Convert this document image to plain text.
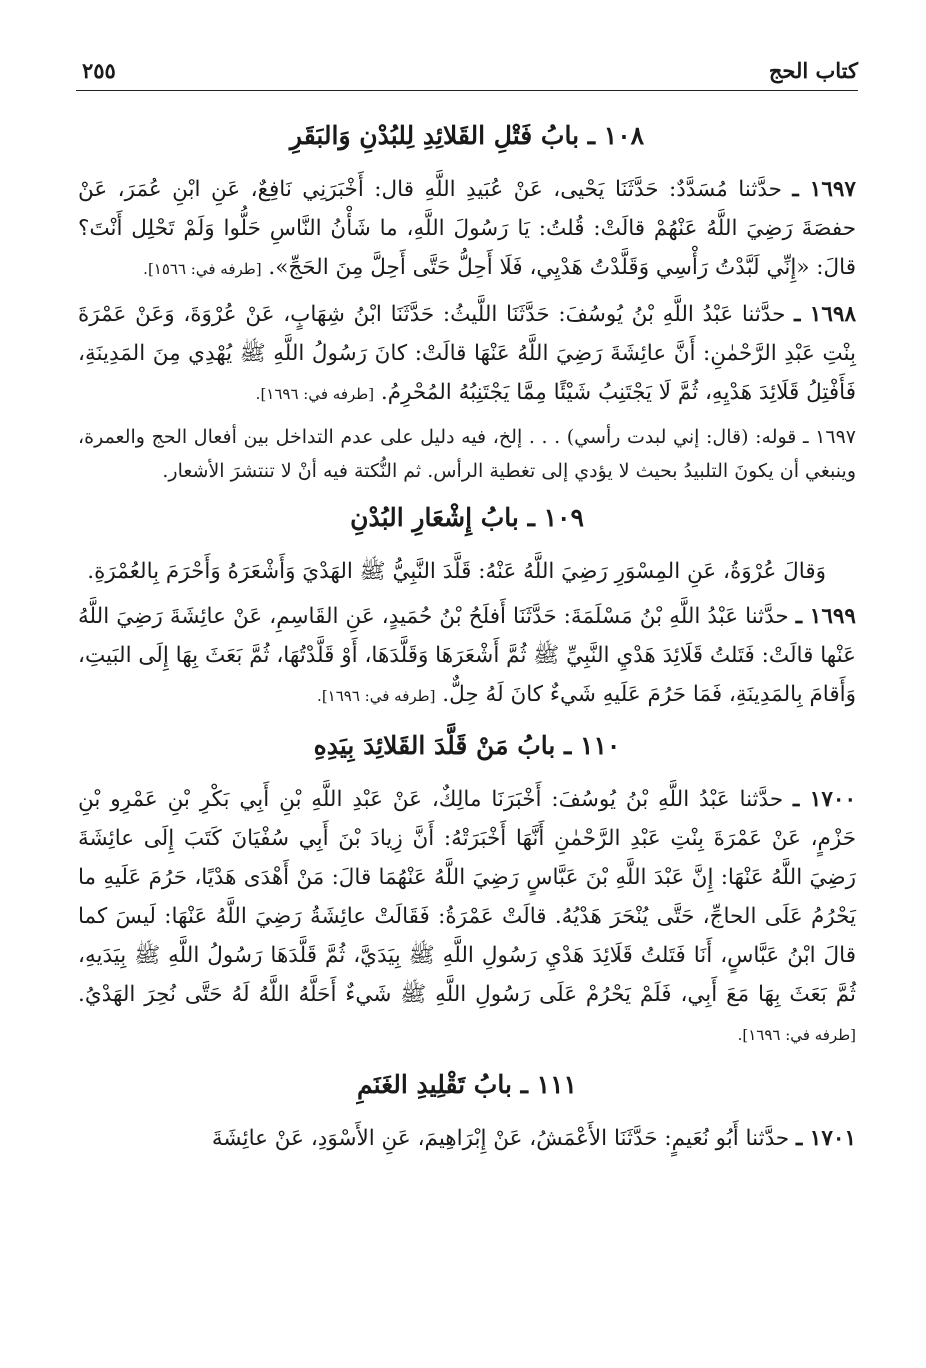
كتاب الحج
٢٥٥
١٠٨ ـ بابُ فَتْلِ القَلائِدِ لِلبُدْنِ وَالبَقَرِ

١٦٩٧ ـ حدَّثنا مُسَدَّدٌ: حَدَّثَنَا يَحْيى، عَنْ عُبَيدِ اللَّهِ قال: أَخْبَرَنِي نَافِعٌ، عَنِ ابْنِ عُمَرَ، عَنْ حفصَةَ رَضِيَ اللَّهُ عَنْهُمْ قالَتْ: قُلتُ: يَا رَسُولَ اللَّهِ، ما شَأْنُ النَّاسِ حَلُّوا وَلَمْ تَحْلِل أَنْتَ؟ قالَ: «إِنِّي لَبَّدْتُ رَأْسِي وَقَلَّدْتُ هَدْيِي، فَلَا أَحِلُّ حَتَّى أَحِلَّ مِنَ الحَجِّ». [طرفه في: ١٥٦٦].

١٦٩٨ ـ حدَّثنا عَبْدُ اللَّهِ بْنُ يُوسُفَ: حَدَّثَنَا اللَّيثُ: حَدَّثَنَا ابْنُ شِهَابٍ، عَنْ عُرْوَةَ، وَعَنْ عَمْرَةَ بِنْتِ عَبْدِ الرَّحْمٰنِ: أَنَّ عائِشَةَ رَضِيَ اللَّهُ عَنْهَا قالَتْ: كانَ رَسُولُ اللَّهِ ﷺ يُهْدِي مِنَ المَدِينَةِ، فَأَفْتِلُ قَلَائِدَ هَدْيِهِ، ثُمَّ لَا يَجْتَنِبُ شَيْئًا مِمَّا يَجْتَنِبُهُ المُحْرِمُ. [طرفه في: ١٦٩٦].

١٦٩٧ ـ قوله: (قال: إني لبدت رأسي) . . . إلخ، فيه دليل على عدم التداخل بين أفعال الحج والعمرة، وينبغي أن يكونَ التلبيدُ بحيث لا يؤدي إلى تغطية الرأس. ثم النُّكتة فيه أنْ لا تنتشرَ الأشعار.

١٠٩ ـ بابُ إِشْعَارِ البُدْنِ

وَقالَ عُرْوَةُ، عَنِ المِسْوَرِ رَضِيَ اللَّهُ عَنْهُ: قَلَّدَ النَّبِيُّ ﷺ الهَدْيَ وَأَشْعَرَهُ وَأَحْرَمَ بِالعُمْرَةِ.

١٦٩٩ ـ حدَّثنا عَبْدُ اللَّهِ بْنُ مَسْلَمَةَ: حَدَّثَنَا أَفلَحُ بْنُ حُمَيدٍ، عَنِ القَاسِمِ، عَنْ عائِشَةَ رَضِيَ اللَّهُ عَنْها قالَتْ: فَتَلتُ قَلَائِدَ هَدْيِ النَّبِيِّ ﷺ ثُمَّ أَشْعَرَهَا وَقَلَّدَهَا، أَوْ قَلَّدْتُهَا، ثُمَّ بَعَثَ بِهَا إِلَى البَيتِ، وَأَقامَ بِالمَدِينَةِ، فَمَا حَرُمَ عَلَيهِ شَيءٌ كانَ لَهُ حِلٌّ. [طرفه في: ١٦٩٦].

١١٠ ـ بابُ مَنْ قَلَّدَ القَلائِدَ بِيَدِهِ

١٧٠٠ ـ حدَّثنا عَبْدُ اللَّهِ بْنُ يُوسُفَ: أَخْبَرَنَا مالِكٌ، عَنْ عَبْدِ اللَّهِ بْنِ أَبِي بَكْرِ بْنِ عَمْرِو بْنِ حَزْمٍ، عَنْ عَمْرَةَ بِنْتِ عَبْدِ الرَّحْمٰنِ أَنَّهَا أَخْبَرَتْهُ: أَنَّ زِيادَ بْنَ أَبِي سُفْيَانَ كَتَبَ إِلَى عائِشَةَ رَضِيَ اللَّهُ عَنْهَا: إِنَّ عَبْدَ اللَّهِ بْنَ عَبَّاسٍ رَضِيَ اللَّهُ عَنْهُمَا قالَ: مَنْ أَهْدَى هَدْيًا، حَرُمَ عَلَيهِ ما يَحْرُمُ عَلَى الحاجِّ، حَتَّى يُنْحَرَ هَدْيُهُ. قالَتْ عَمْرَةُ: فَقَالَتْ عائِشَةُ رَضِيَ اللَّهُ عَنْهَا: لَيسَ كما قالَ ابْنُ عَبَّاسٍ، أَنَا فَتَلتُ قَلَائِدَ هَدْيِ رَسُولِ اللَّهِ ﷺ بِيَدَيَّ، ثُمَّ قَلَّدَهَا رَسُولُ اللَّهِ ﷺ بِيَدَيهِ، ثُمَّ بَعَثَ بِهَا مَعَ أَبِي، فَلَمْ يَحْرُمْ عَلَى رَسُولِ اللَّهِ ﷺ شَيءٌ أَحَلَّهُ اللَّهُ لَهُ حَتَّى نُحِرَ الهَدْيُ. [طرفه في: ١٦٩٦].

١١١ ـ بابُ تَقْلِيدِ الغَنَمِ

١٧٠١ ـ حدَّثنا أَبُو نُعَيمٍ: حَدَّثَنَا الأَعْمَشُ، عَنْ إِبْرَاهِيمَ، عَنِ الأَسْوَدِ، عَنْ عائِشَةَ
